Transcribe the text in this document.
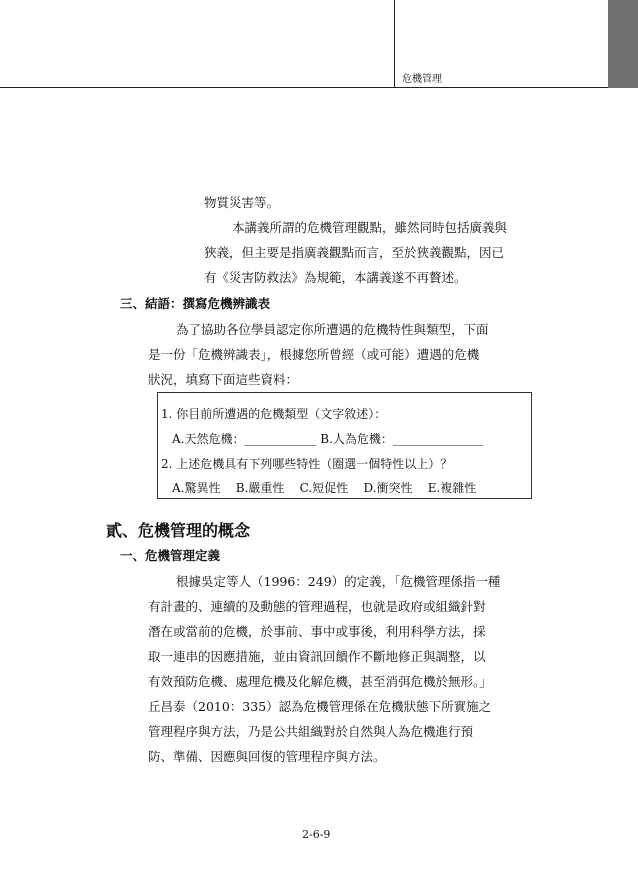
危機管理
物質災害等。
本講義所謂的危機管理觀點，雖然同時包括廣義與
狹義，但主要是指廣義觀點而言，至於狹義觀點，因已
有《災害防救法》為規範，本講義遂不再贅述。
三、結語：撰寫危機辨識表
為了協助各位學員認定你所遭遇的危機特性與類型，下面
是一份「危機辨識表」，根據您所曾經（或可能）遭遇的危機
狀況，填寫下面這些資料：
1. 你目前所遭遇的危機類型（文字敘述）：
A.天然危機：____________ B.人為危機：_______________
2. 上述危機具有下列哪些特性（圈選一個特性以上）？
A.驚異性    B.嚴重性    C.短促性    D.衝突性    E.複雜性
貳、危機管理的概念
一、危機管理定義
根據吳定等人（1996：249）的定義，「危機管理係指一種
有計畫的、連續的及動態的管理過程，也就是政府或組織針對
潛在或當前的危機，於事前、事中或事後，利用科學方法，採
取一連串的因應措施，並由資訊回饋作不斷地修正與調整，以
有效預防危機、處理危機及化解危機，甚至消弭危機於無形。」
丘昌泰（2010：335）認為危機管理係在危機狀態下所實施之
管理程序與方法，乃是公共組織對於自然與人為危機進行預
防、準備、因應與回復的管理程序與方法。
2-6-9
